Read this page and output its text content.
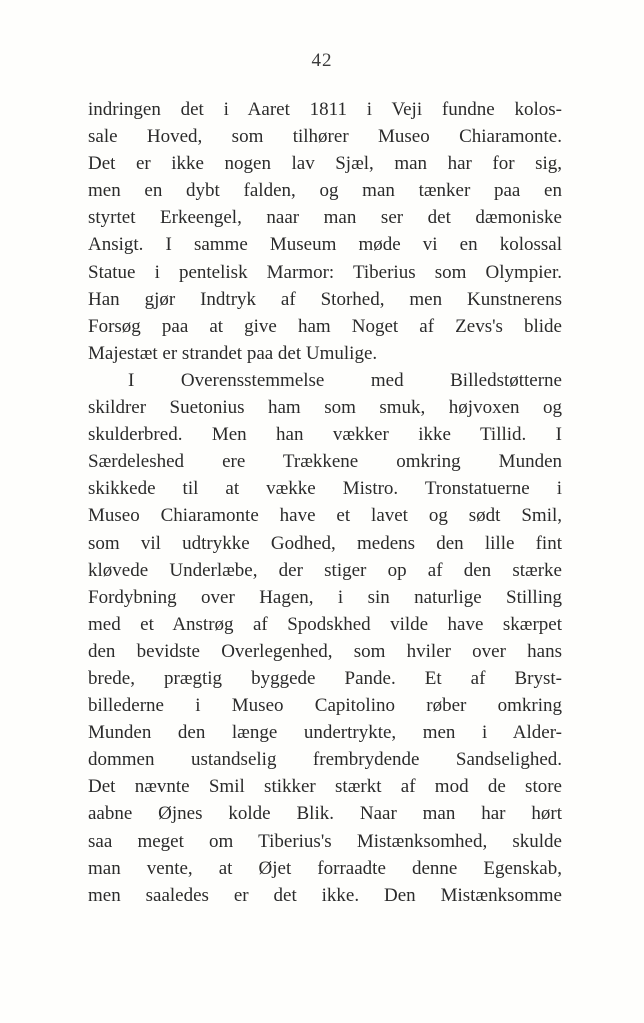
42
indringen det i Aaret 1811 i Veji fundne kolos-
sale Hoved, som tilhører Museo Chiaramonte.
Det er ikke nogen lav Sjæl, man har for sig,
men en dybt falden, og man tænker paa en
styrtet Erkeengel, naar man ser det dæmoniske
Ansigt. I samme Museum møde vi en kolossal
Statue i pentelisk Marmor: Tiberius som Olympier.
Han gjør Indtryk af Storhed, men Kunstnerens
Forsøg paa at give ham Noget af Zevs's blide
Majestæt er strandet paa det Umulige.
I Overensstemmelse med Billedstøtterne
skildrer Suetonius ham som smuk, højvoxen og
skulderbred. Men han vækker ikke Tillid. I
Særdeleshed ere Trækkene omkring Munden
skikkede til at vække Mistro. Tronstatuerne i
Museo Chiaramonte have et lavet og sødt Smil,
som vil udtrykke Godhed, medens den lille fint
kløvede Underlæbe, der stiger op af den stærke
Fordybning over Hagen, i sin naturlige Stilling
med et Anstrøg af Spodskhed vilde have skærpet
den bevidste Overlegenhed, som hviler over hans
brede, prægtig byggede Pande. Et af Bryst-
billederne i Museo Capitolino røber omkring
Munden den længe undertrykte, men i Alder-
dommen ustandselig frembrydende Sandselighed.
Det nævnte Smil stikker stærkt af mod de store
aabne Øjnes kolde Blik. Naar man har hørt
saa meget om Tiberius's Mistænksomhed, skulde
man vente, at Øjet forraadte denne Egenskab,
men saaledes er det ikke. Den Mistænksomme
